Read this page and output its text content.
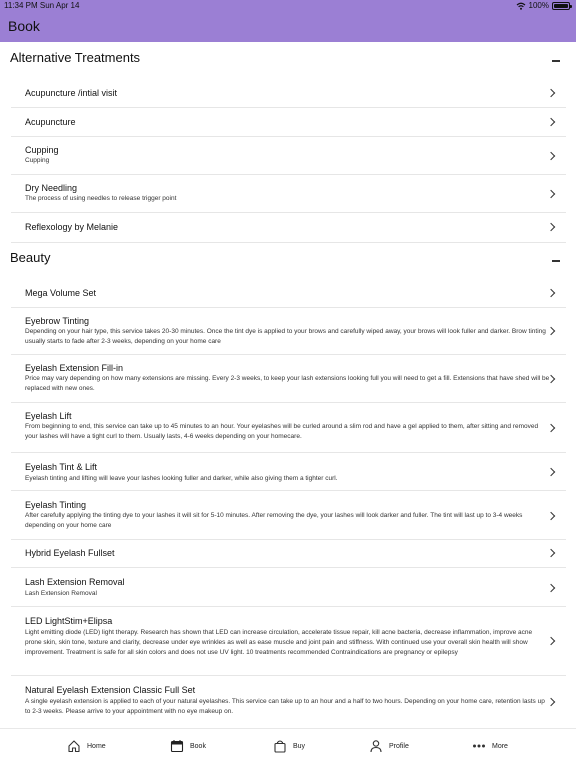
11:34 PM Sun Apr 14	100%
Book
Alternative Treatments
Acupuncture /intial visit
Acupuncture
Cupping
Cupping
Dry Needling
The process of using needles to release trigger point
Reflexology by Melanie
Beauty
Mega Volume Set
Eyebrow Tinting
Depending on your hair type, this service takes 20-30 minutes. Once the tint dye is applied to your brows and carefully wiped away, your brows will look fuller and darker. Brow tinting usually starts to fade after 2-3 weeks, depending on your home care
Eyelash Extension Fill-in
Price may vary depending on how many extensions are missing. Every 2-3 weeks, to keep your lash extensions looking full you will need to get a fill. Extensions that have shed will be replaced with new ones.
Eyelash Lift
From beginning to end, this service can take up to 45 minutes to an hour. Your eyelashes will be curled around a slim rod and have a gel applied to them, after sitting and removed your lashes will have a tight curl to them. Usually lasts, 4-6 weeks depending on your homecare.
Eyelash Tint & Lift
Eyelash tinting and lifting will leave your lashes looking fuller and darker, while also giving them a tighter curl.
Eyelash Tinting
After carefully applying the tinting dye to your lashes it will sit for 5-10 minutes. After removing the dye, your lashes will look darker and fuller. The tint will last up to 3-4 weeks depending on your home care
Hybrid Eyelash Fullset
Lash Extension Removal
Lash Extension Removal
LED LightStim+Elipsa
Light emitting diode (LED) light therapy. Research has shown that LED can increase circulation, accelerate tissue repair, kill acne bacteria, decrease inflammation, improve acne prone skin, skin tone, texture and clarity, decrease under eye wrinkles as well as ease muscle and joint pain and stiffness. With continued use your overall skin health will show improvement. Treatment is safe for all skin colors and does not use UV light. 10 treatments recommended Contraindications are pregnancy or epilepsy
Natural Eyelash Extension Classic Full Set
A single eyelash extension is applied to each of your natural eyelashes. This service can take up to an hour and a half to two hours. Depending on your home care, retention lasts up to 2-3 weeks. Please arrive to your appointment with no eye makeup on.
Home	Book	Buy	Profile	More
